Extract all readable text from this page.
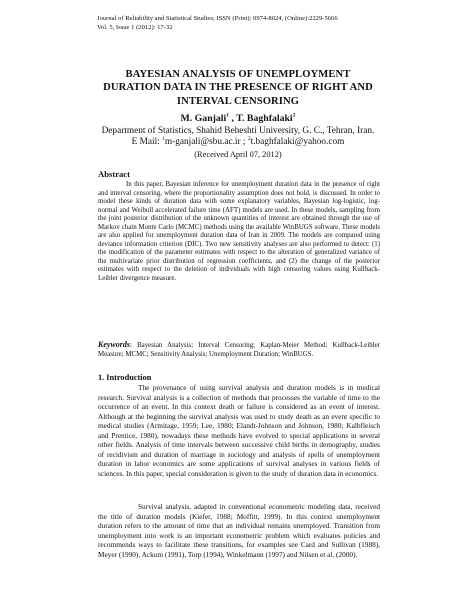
Journal of Reliability and Statistical Studies; ISSN (Print): 0974-8024, (Online):2229-5666
Vol. 5, Issue 1 (2012): 17-32
BAYESIAN ANALYSIS OF UNEMPLOYMENT
DURATION DATA IN THE PRESENCE OF RIGHT AND
INTERVAL CENSORING
M. Ganjali$^1$ , T. Baghfalaki$^2$
Department of Statistics, Shahid Beheshti University, G. C., Tehran, Iran.
E Mail: $^1$m-ganjali@sbu.ac.ir ; $^2$t.baghfalaki@yahoo.com
(Received April 07, 2012)
Abstract

In this paper, Bayesian inference for unemployment duration data in the presence of right and interval censoring, where the proportionality assumption does not hold, is discussed. In order to model these kinds of duration data with some explanatory variables, Bayesian log-logistic, log-normal and Weibull accelerated failure time (AFT) models are used. In these models, sampling from the joint posterior distribution of the unknown quantities of interest are obtained through the use of Markov chain Monte Carlo (MCMC) methods using the available WinBUGS software. These models are also applied for unemployment duration data of Iran in 2009. The models are compared using deviance information criterion (DIC). Two new sensitivity analyses are also performed to detect: (1) the modification of the parameter estimates with respect to the alteration of generalized variance of the multivariate prior distribution of regression coefficients, and (2) the change of the posterior estimates with respect to the deletion of individuals with high censoring values using Kullback-Leibler divergence measure.

Keywords: Bayesian Analysis; Interval Censoring; Kaplan-Meier Method; Kullback-Leibler Measure; MCMC; Sensitivity Analysis; Unemployment Duration; WinBUGS.
1. Introduction

The provenance of using survival analysis and duration models is in medical research. Survival analysis is a collection of methods that processes the variable of time to the occurrence of an event. In this context death or failure is considered as an event of interest. Although at the beginning the survival analysis was used to study death as an event specific to medical studies (Armitage, 1959; Lee, 1980; Elandt-Johnson and Johnson, 1980; Kalbfleisch and Prentice, 1980), nowadays these methods have evolved to special applications in several other fields. Analysis of time intervals between successive child births in demography, studies of recidivism and duration of marriage in sociology and analysis of spells of unemployment duration in labor economics are some applications of survival analyses in various fields of sciences. In this paper, special consideration is given to the study of duration data in economics.

Survival analysis, adapted in conventional econometric modeling data, received the title of duration models (Kiefer, 1988; Moffitt, 1999). In this context unemployment duration refers to the amount of time that an individual remains unemployed. Transition from unemployment into work is an important econometric problem which evaluates policies and recommends ways to facilitate these transitions, for examples see Card and Sullivan (1988), Meyer (1990), Ackum (1991), Torp (1994), Winkelmann (1997) and Nilsen et al. (2000).
